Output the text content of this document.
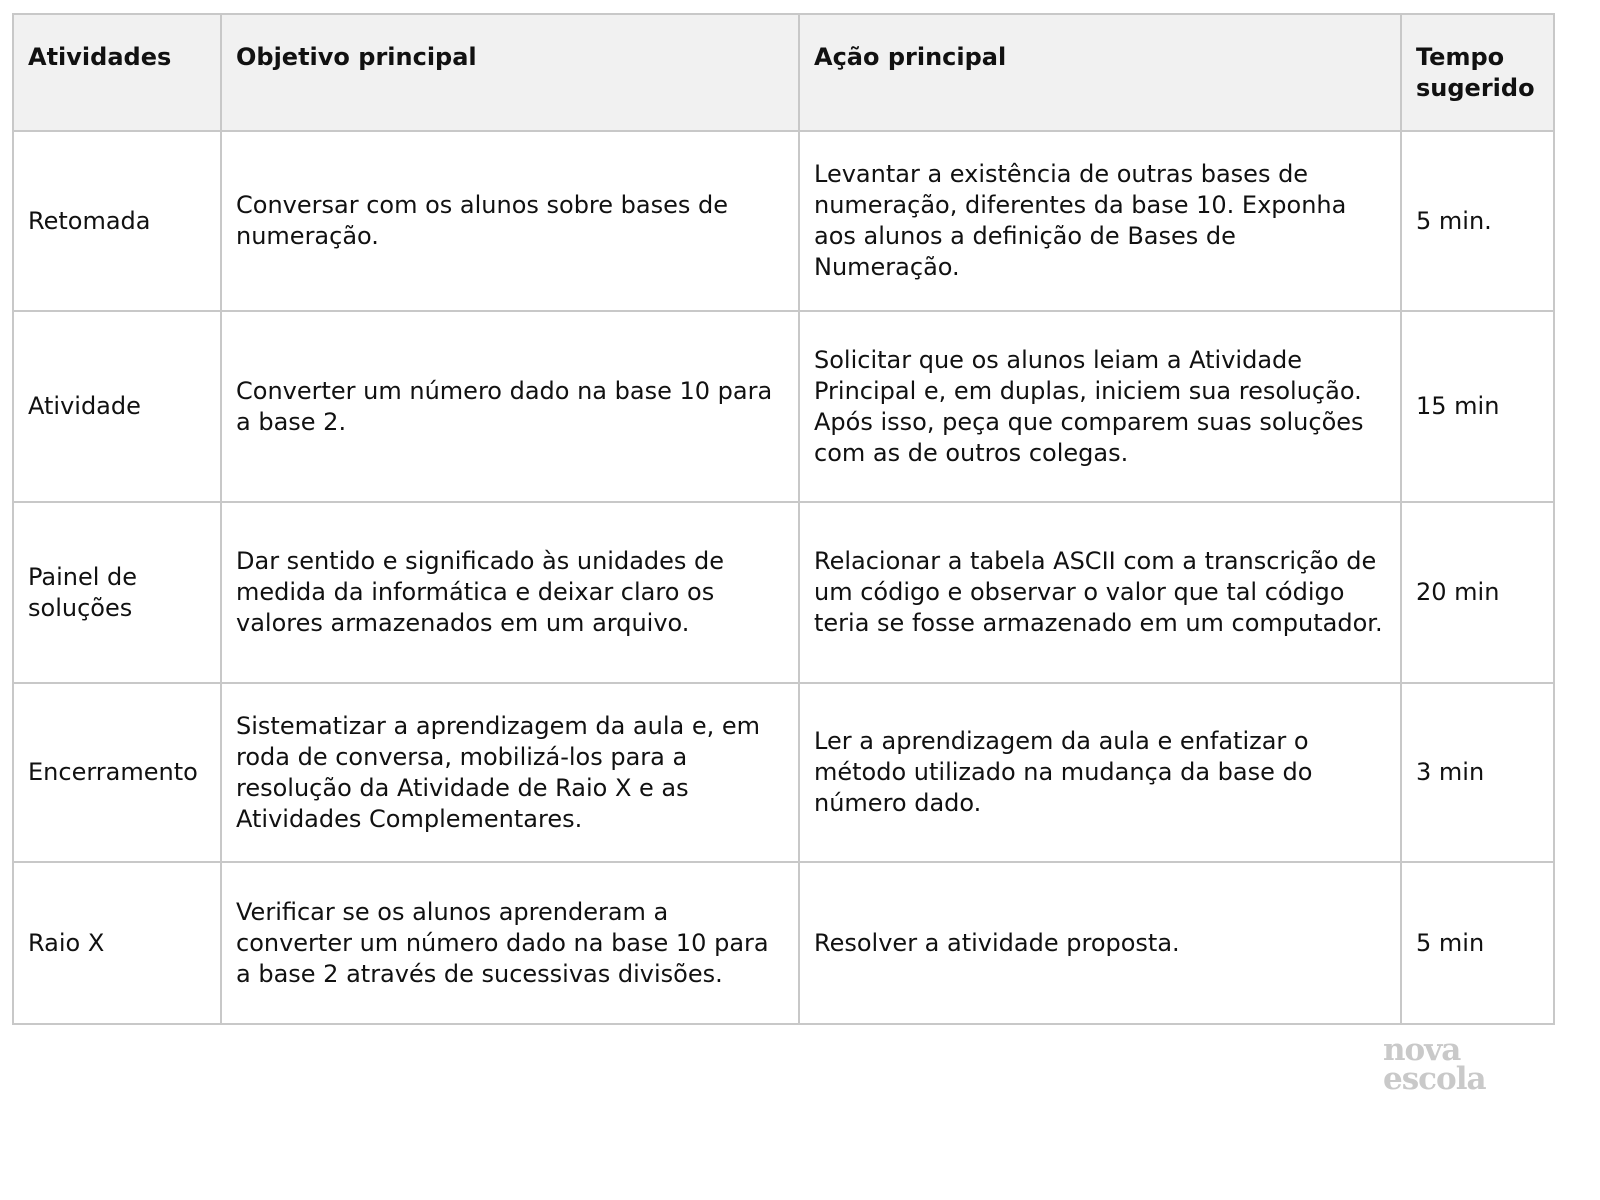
Atividades	Objetivo principal	Ação principal	Tempo sugerido
Retomada	Conversar com os alunos sobre bases de numeração.	Levantar a existência de outras bases de numeração, diferentes da base 10. Exponha aos alunos a definição de Bases de Numeração.	5 min.
Atividade	Converter um número dado na base 10 para a base 2.	Solicitar que os alunos leiam a Atividade Principal e, em duplas, iniciem sua resolução. Após isso, peça que comparem suas soluções com as de outros colegas.	15 min
Painel de soluções	Dar sentido e significado às unidades de medida da informática e deixar claro os valores armazenados em um arquivo.	Relacionar a tabela ASCII com a transcrição de um código e observar o valor que tal código teria se fosse armazenado em um computador.	20 min
Encerramento	Sistematizar a aprendizagem da aula e, em roda de conversa, mobilizá-los para a resolução da Atividade de Raio X e as Atividades Complementares.	Ler a aprendizagem da aula e enfatizar o método utilizado na mudança da base do número dado.	3 min
Raio X	Verificar se os alunos aprenderam a converter um número dado na base 10 para a base 2 através de sucessivas divisões.	Resolver a atividade proposta.	5 min
nova
escola
